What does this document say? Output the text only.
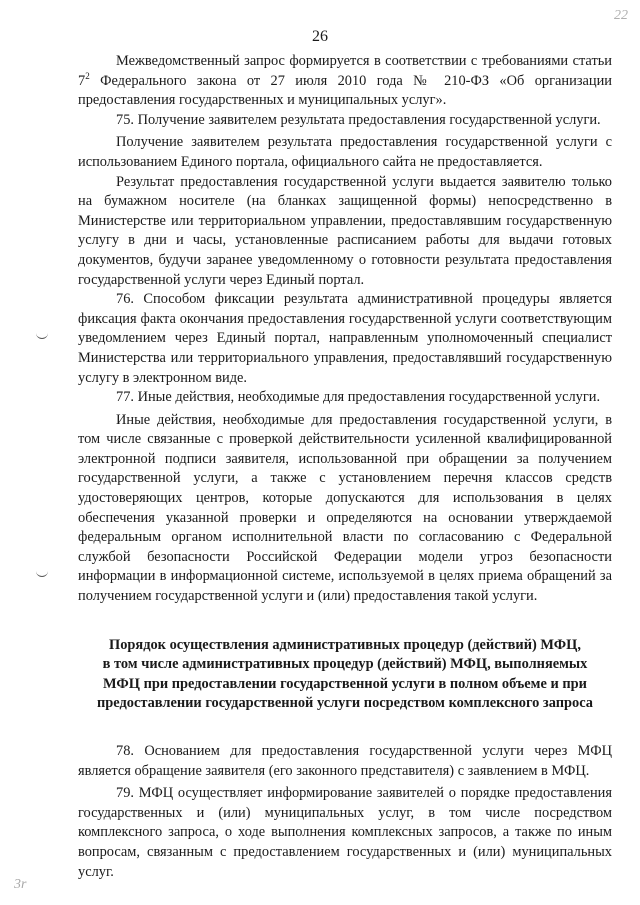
22
26

Межведомственный запрос формируется в соответствии с требованиями статьи $7^2$ Федерального закона от 27 июля 2010 года № 210-ФЗ «Об организации предоставления государственных и муниципальных услуг».

75. Получение заявителем результата предоставления государственной услуги.

Получение заявителем результата предоставления государственной услуги с использованием Единого портала, официального сайта не предоставляется.

Результат предоставления государственной услуги выдается заявителю только на бумажном носителе (на бланках защищенной формы) непосредственно в Министерстве или территориальном управлении, предоставлявшим государственную услугу в дни и часы, установленные расписанием работы для выдачи готовых документов, будучи заранее уведомленному о готовности результата предоставления государственной услуги через Единый портал.

76. Способом фиксации результата административной процедуры является фиксация факта окончания предоставления государственной услуги соответствующим уведомлением через Единый портал, направленным уполномоченный специалист Министерства или территориального управления, предоставлявший государственную услугу в электронном виде.

77. Иные действия, необходимые для предоставления государственной услуги.

Иные действия, необходимые для предоставления государственной услуги, в том числе связанные с проверкой действительности усиленной квалифицированной электронной подписи заявителя, использованной при обращении за получением государственной услуги, а также с установлением перечня классов средств удостоверяющих центров, которые допускаются для использования в целях обеспечения указанной проверки и определяются на основании утверждаемой федеральным органом исполнительной власти по согласованию с Федеральной службой безопасности Российской Федерации модели угроз безопасности информации в информационной системе, используемой в целях приема обращений за получением государственной услуги и (или) предоставления такой услуги.

Порядок осуществления административных процедур (действий) МФЦ,
в том числе административных процедур (действий) МФЦ, выполняемых
МФЦ при предоставлении государственной услуги в полном объеме и при
предоставлении государственной услуги посредством комплексного запроса

78. Основанием для предоставления государственной услуги через МФЦ является обращение заявителя (его законного представителя) с заявлением в МФЦ.

79. МФЦ осуществляет информирование заявителей о порядке предоставления государственных и (или) муниципальных услуг, в том числе посредством комплексного запроса, о ходе выполнения комплексных запросов, а также по иным вопросам, связанным с предоставлением государственных и (или) муниципальных услуг.

3r
